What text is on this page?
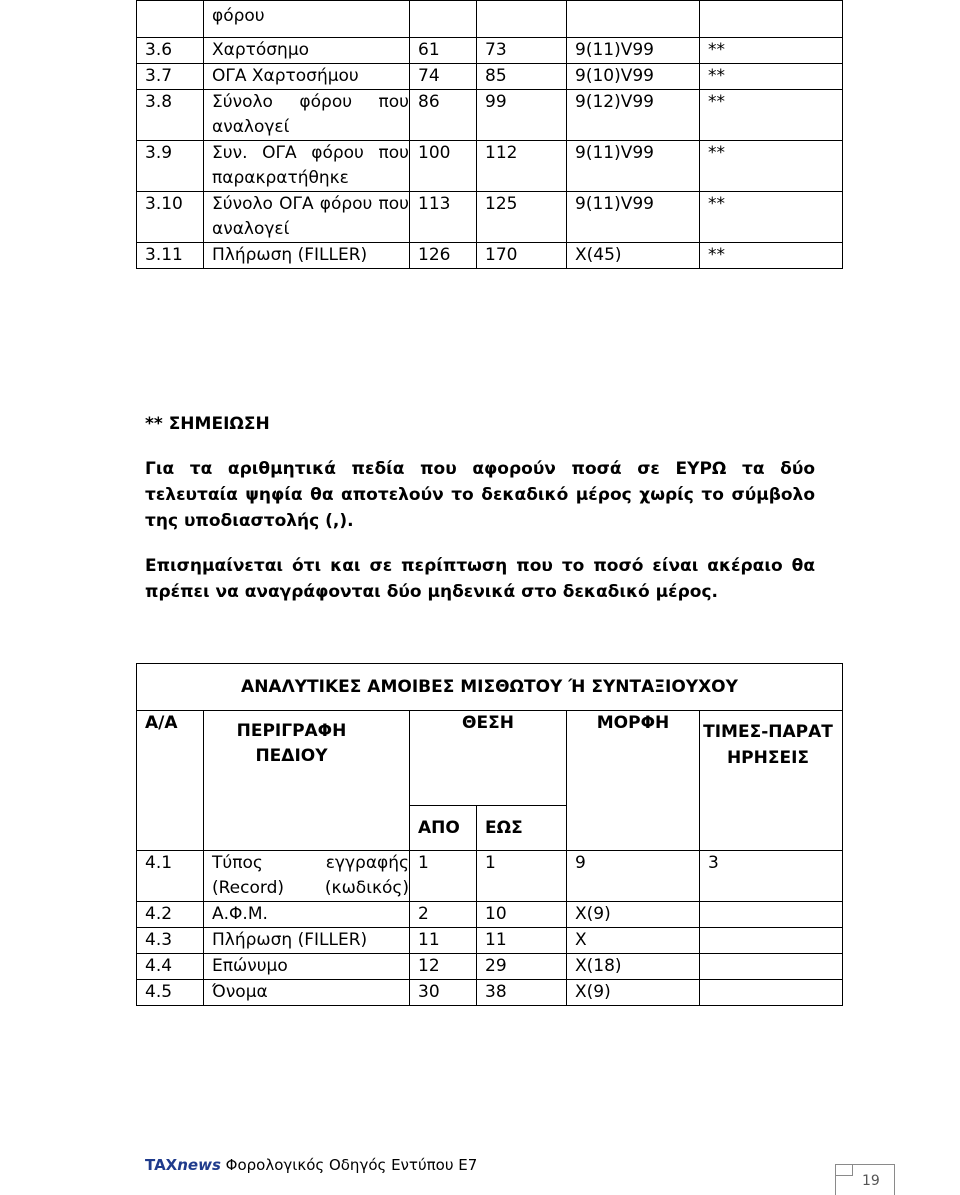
	φόρου				
3.6	Χαρτόσημο	61	73	9(11)V99	**
3.7	ΟΓΑ Χαρτοσήμου	74	85	9(10)V99	**
3.8	Σύνολο φόρου που αναλογεί	86	99	9(12)V99	**
3.9	Συν. ΟΓΑ φόρου που παρακρατήθηκε	100	112	9(11)V99	**
3.10	Σύνολο ΟΓΑ φόρου που αναλογεί	113	125	9(11)V99	**
3.11	Πλήρωση (FILLER)	126	170	X(45)	**
** ΣΗΜΕΙΩΣΗ
Για τα αριθμητικά πεδία που αφορούν ποσά σε ΕΥΡΩ τα δύο τελευταία ψηφία θα αποτελούν το δεκαδικό μέρος χωρίς το σύμβολο της υποδιαστολής (,).
Επισημαίνεται ότι και σε περίπτωση που το ποσό είναι ακέραιο θα πρέπει να αναγράφονται δύο μηδενικά στο δεκαδικό μέρος.
ΑΝΑΛΥΤΙΚΕΣ ΑΜΟΙΒΕΣ ΜΙΣΘΩΤΟΥ Ή ΣΥΝΤΑΞΙΟΥΧΟΥ					
Α/Α	ΠΕΡΙΓΡΑΦΗ ΠΕΔΙΟΥ	ΘΕΣΗ		ΜΟΡΦΗ	ΤΙΜΕΣ-ΠΑΡΑΤΗΡΗΣΕΙΣ
		ΑΠΟ	ΕΩΣ		
4.1	Τύπος εγγραφής (Record) (κωδικός)	1	1	9	3
4.2	Α.Φ.Μ.	2	10	X(9)	
4.3	Πλήρωση (FILLER)	11	11	X	
4.4	Επώνυμο	12	29	X(18)	
4.5	Όνομα	30	38	X(9)	
TAXnews Φορολογικός Οδηγός Εντύπου Ε7
19
